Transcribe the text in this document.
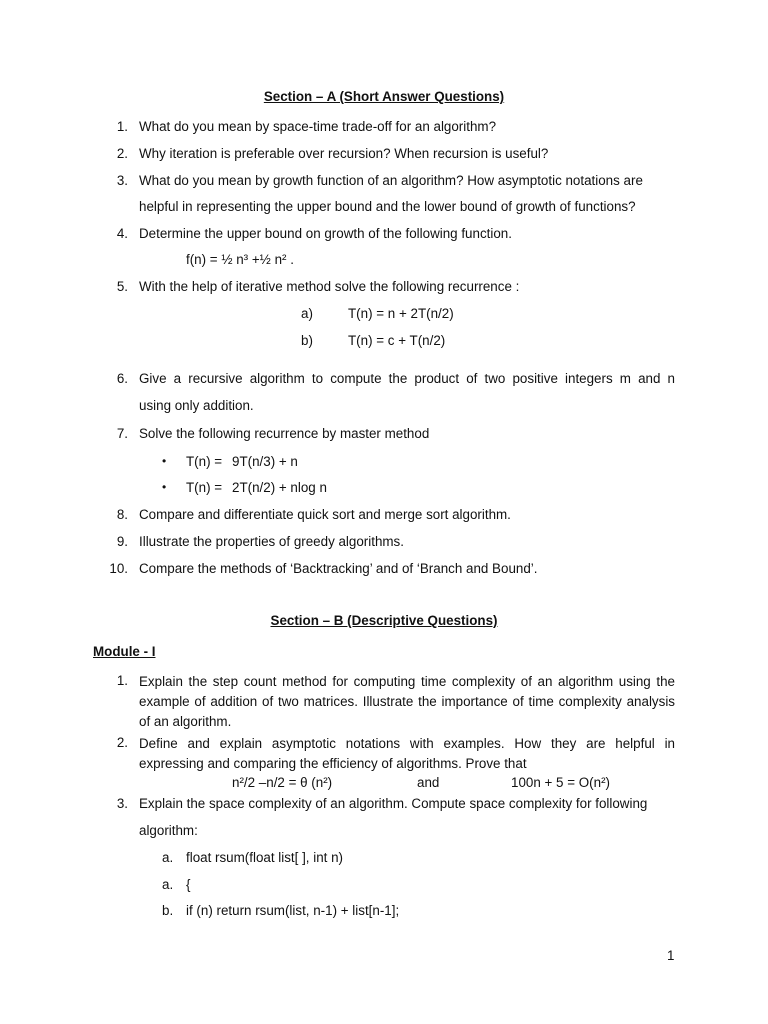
Section – A (Short Answer Questions)
1. What do you mean by space-time trade-off for an algorithm?
2. Why iteration is preferable over recursion? When recursion is useful?
3. What do you mean by growth function of an algorithm? How asymptotic notations are
helpful in representing the upper bound and the lower bound of growth of functions?
4. Determine the upper bound on growth of the following function.
f(n) = ½ n³ +½ n² .
5. With the help of iterative method solve the following recurrence :
a)	T(n) = n + 2T(n/2)
b)	T(n) = c + T(n/2)
6. Give a recursive algorithm to compute the product of two positive integers m and n
using only addition.
7. Solve the following recurrence by master method
• T(n) = 9T(n/3) + n
• T(n) = 2T(n/2) + nlog n
8. Compare and differentiate quick sort and merge sort algorithm.
9. Illustrate the properties of greedy algorithms.
10. Compare the methods of ‘Backtracking’ and of ‘Branch and Bound’.
Section – B (Descriptive Questions)
Module - I
1. Explain the step count method for computing time complexity of an algorithm using the example of addition of two matrices. Illustrate the importance of time complexity analysis of an algorithm.
2. Define and explain asymptotic notations with examples. How they are helpful in expressing and comparing the efficiency of algorithms. Prove that
n²/2 –n/2 = θ (n²)	and	100n + 5 = O(n²)
3. Explain the space complexity of an algorithm. Compute space complexity for following
algorithm:
a. float rsum(float list[ ], int n)
a. {
b. if (n) return rsum(list, n-1) + list[n-1];
1
